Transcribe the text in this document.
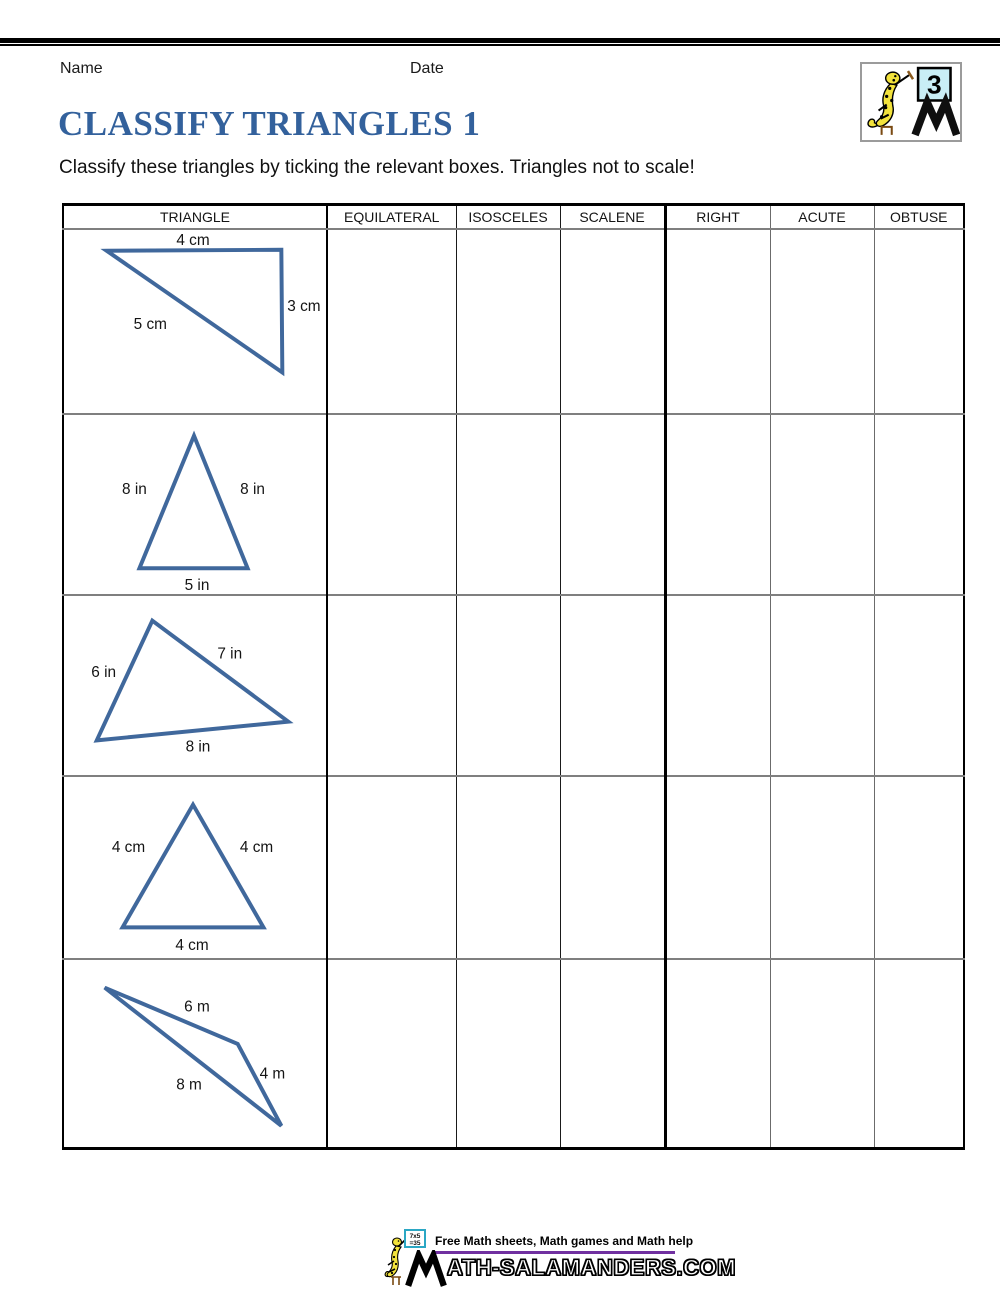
Name	Date
3
CLASSIFY TRIANGLES 1
Classify these triangles by ticking the relevant boxes. Triangles not to scale!
TRIANGLE	EQUILATERAL	ISOSCELES	SCALENE	RIGHT	ACUTE	OBTUSE

4 cm
3 cm
5 cm						

8 in 8 in
5 in						

6 in
7 in
8 in						

4 cm 4 cm
4 cm						

6 m
4 m
8 m						

7x5
=35 Free Math sheets, Math games and Math help
ATH-SALAMANDERS.COM
